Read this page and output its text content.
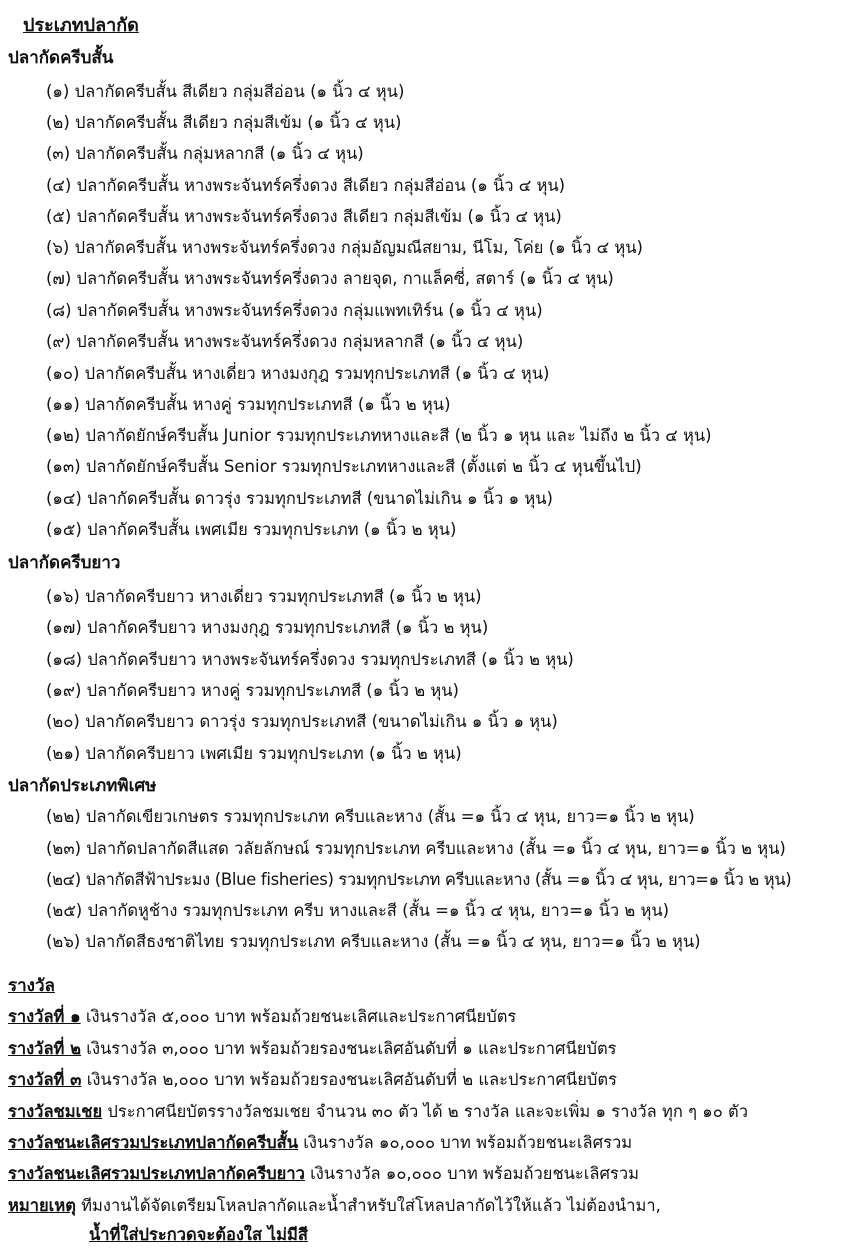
ประเภทปลากัด
ปลากัดครีบสั้น
(๑) ปลากัดครีบสั้น สีเดียว กลุ่มสีอ่อน (๑ นิ้ว ๔ หุน)
(๒) ปลากัดครีบสั้น สีเดียว กลุ่มสีเข้ม (๑ นิ้ว ๔ หุน)
(๓) ปลากัดครีบสั้น กลุ่มหลากสี (๑ นิ้ว ๔ หุน)
(๔) ปลากัดครีบสั้น หางพระจันทร์ครึ่งดวง สีเดียว กลุ่มสีอ่อน (๑ นิ้ว ๔ หุน)
(๕) ปลากัดครีบสั้น หางพระจันทร์ครึ่งดวง สีเดียว กลุ่มสีเข้ม (๑ นิ้ว ๔ หุน)
(๖) ปลากัดครีบสั้น หางพระจันทร์ครึ่งดวง กลุ่มอัญมณีสยาม, นีโม, โค่ย (๑ นิ้ว ๔ หุน)
(๗) ปลากัดครีบสั้น หางพระจันทร์ครึ่งดวง ลายจุด, กาแล็คซี่, สตาร์ (๑ นิ้ว ๔ หุน)
(๘) ปลากัดครีบสั้น หางพระจันทร์ครึ่งดวง กลุ่มแพทเทิร์น (๑ นิ้ว ๔ หุน)
(๙) ปลากัดครีบสั้น หางพระจันทร์ครึ่งดวง กลุ่มหลากสี (๑ นิ้ว ๔ หุน)
(๑๐) ปลากัดครีบสั้น หางเดี่ยว หางมงกุฎ รวมทุกประเภทสี (๑ นิ้ว ๔ หุน)
(๑๑) ปลากัดครีบสั้น หางคู่ รวมทุกประเภทสี (๑ นิ้ว ๒ หุน)
(๑๒) ปลากัดยักษ์ครีบสั้น Junior รวมทุกประเภทหางและสี (๒ นิ้ว ๑ หุน และ ไม่ถึง ๒ นิ้ว ๔ หุน)
(๑๓) ปลากัดยักษ์ครีบสั้น Senior รวมทุกประเภทหางและสี (ตั้งแต่ ๒ นิ้ว ๔ หุนขึ้นไป)
(๑๔) ปลากัดครีบสั้น ดาวรุ่ง รวมทุกประเภทสี (ขนาดไม่เกิน ๑ นิ้ว ๑ หุน)
(๑๕) ปลากัดครีบสั้น เพศเมีย รวมทุกประเภท (๑ นิ้ว ๒ หุน)
ปลากัดครีบยาว
(๑๖) ปลากัดครีบยาว หางเดี่ยว รวมทุกประเภทสี (๑ นิ้ว ๒ หุน)
(๑๗) ปลากัดครีบยาว หางมงกุฎ รวมทุกประเภทสี (๑ นิ้ว ๒ หุน)
(๑๘) ปลากัดครีบยาว หางพระจันทร์ครึ่งดวง รวมทุกประเภทสี (๑ นิ้ว ๒ หุน)
(๑๙) ปลากัดครีบยาว หางคู่ รวมทุกประเภทสี (๑ นิ้ว ๒ หุน)
(๒๐) ปลากัดครีบยาว ดาวรุ่ง รวมทุกประเภทสี (ขนาดไม่เกิน ๑ นิ้ว ๑ หุน)
(๒๑) ปลากัดครีบยาว เพศเมีย รวมทุกประเภท (๑ นิ้ว ๒ หุน)
ปลากัดประเภทพิเศษ
(๒๒) ปลากัดเขียวเกษตร รวมทุกประเภท ครีบและหาง (สั้น =๑ นิ้ว ๔ หุน, ยาว=๑ นิ้ว ๒ หุน)
(๒๓) ปลากัดปลากัดสีแสด วลัยลักษณ์ รวมทุกประเภท ครีบและหาง (สั้น =๑ นิ้ว ๔ หุน, ยาว=๑ นิ้ว ๒ หุน)
(๒๔) ปลากัดสีฟ้าประมง (Blue fisheries) รวมทุกประเภท ครีบและหาง (สั้น =๑ นิ้ว ๔ หุน, ยาว=๑ นิ้ว ๒ หุน)
(๒๕) ปลากัดหูช้าง รวมทุกประเภท ครีบ หางและสี (สั้น =๑ นิ้ว ๔ หุน, ยาว=๑ นิ้ว ๒ หุน)
(๒๖) ปลากัดสีธงชาติไทย รวมทุกประเภท ครีบและหาง (สั้น =๑ นิ้ว ๔ หุน, ยาว=๑ นิ้ว ๒ หุน)
รางวัล
รางวัลที่ ๑ เงินรางวัล ๕,๐๐๐ บาท พร้อมถ้วยชนะเลิศและประกาศนียบัตร
รางวัลที่ ๒ เงินรางวัล ๓,๐๐๐ บาท พร้อมถ้วยรองชนะเลิศอันดับที่ ๑ และประกาศนียบัตร
รางวัลที่ ๓ เงินรางวัล ๒,๐๐๐ บาท พร้อมถ้วยรองชนะเลิศอันดับที่ ๒ และประกาศนียบัตร
รางวัลชมเชย ประกาศนียบัตรรางวัลชมเชย จำนวน ๓๐ ตัว ได้ ๒ รางวัล และจะเพิ่ม ๑ รางวัล ทุก ๆ ๑๐ ตัว
รางวัลชนะเลิศรวมประเภทปลากัดครีบสั้น เงินรางวัล ๑๐,๐๐๐ บาท พร้อมถ้วยชนะเลิศรวม
รางวัลชนะเลิศรวมประเภทปลากัดครีบยาว เงินรางวัล ๑๐,๐๐๐ บาท พร้อมถ้วยชนะเลิศรวม
หมายเหตุ ทีมงานได้จัดเตรียมโหลปลากัดและน้ำสำหรับใส่โหลปลากัดไว้ให้แล้ว ไม่ต้องนำมา,
น้ำที่ใส่ประกวดจะต้องใส ไม่มีสี
